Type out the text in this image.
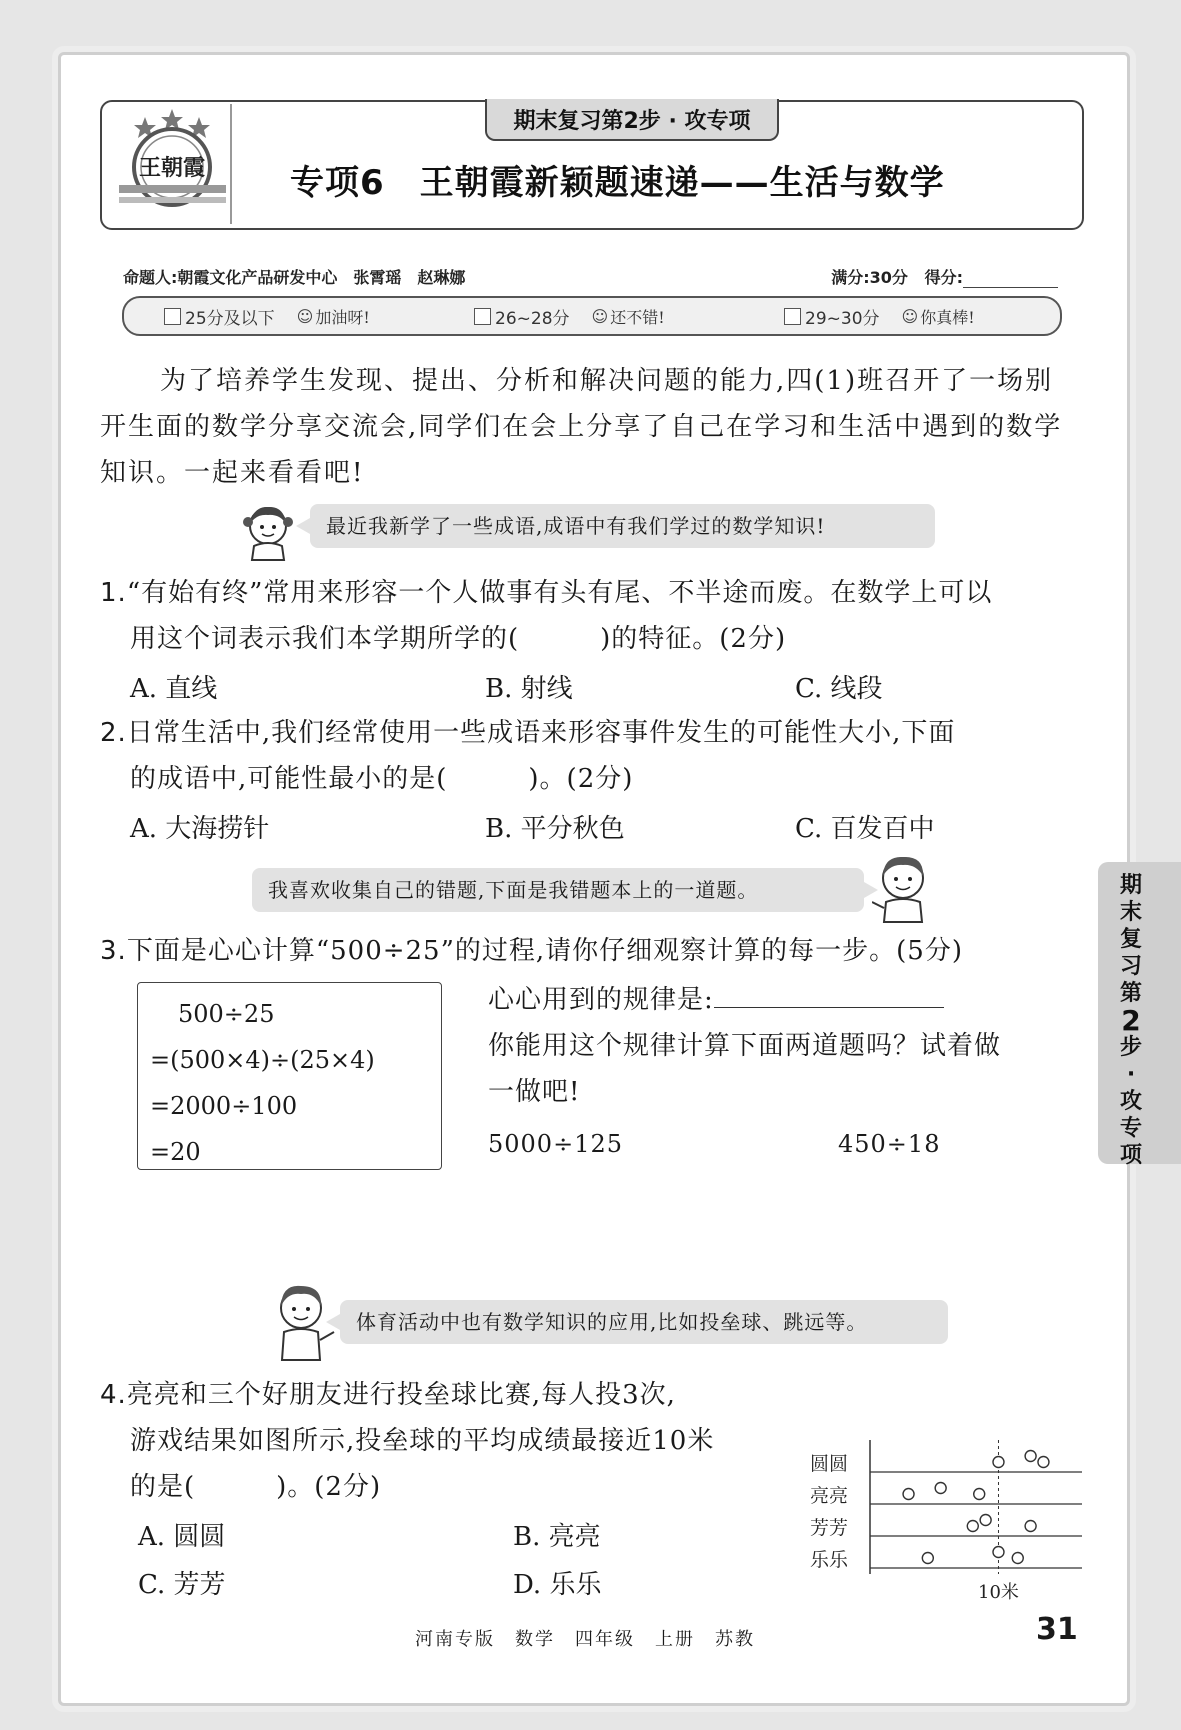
期末复习第2步 · 攻专项
王朝霞 专项6　王朝霞新颖题速递——生活与数学
命题人:朝霞文化产品研发中心　张霄瑶　赵琳娜	满分:30分 得分:
25分及以下 ☺ 加油呀!	26~28分 ☺ 还不错!	29~30分 ☺ 你真棒!
为了培养学生发现、提出、分析和解决问题的能力,四(1)班召开了一场别开生面的数学分享交流会,同学们在会上分享了自己在学习和生活中遇到的数学知识。一起来看看吧!
最近我新学了一些成语,成语中有我们学过的数学知识!
1.“有始有终”常用来形容一个人做事有头有尾、不半途而废。在数学上可以
用这个词表示我们本学期所学的(　　　)的特征。(2分)
A. 直线	B. 射线	C. 线段
2.日常生活中,我们经常使用一些成语来形容事件发生的可能性大小,下面
的成语中,可能性最小的是(　　　)。(2分)
A. 大海捞针	B. 平分秋色	C. 百发百中
我喜欢收集自己的错题,下面是我错题本上的一道题。
3.下面是心心计算“500÷25”的过程,请你仔细观察计算的每一步。(5分)
500÷25
=(500×4)÷(25×4)
=2000÷100
=20
心心用到的规律是:
你能用这个规律计算下面两道题吗？试着做
一做吧!
5000÷125	450÷18
期
末
复
习
第
2
步
·
攻
专
项
体育活动中也有数学知识的应用,比如投垒球、跳远等。
4.亮亮和三个好朋友进行投垒球比赛,每人投3次,
游戏结果如图所示,投垒球的平均成绩最接近10米
的是(　　　)。(2分)
A. 圆圆	B. 亮亮
C. 芳芳	D. 乐乐	10米
圆圆
亮亮
芳芳
乐乐
河南专版　数学　四年级　上册　苏教	31
